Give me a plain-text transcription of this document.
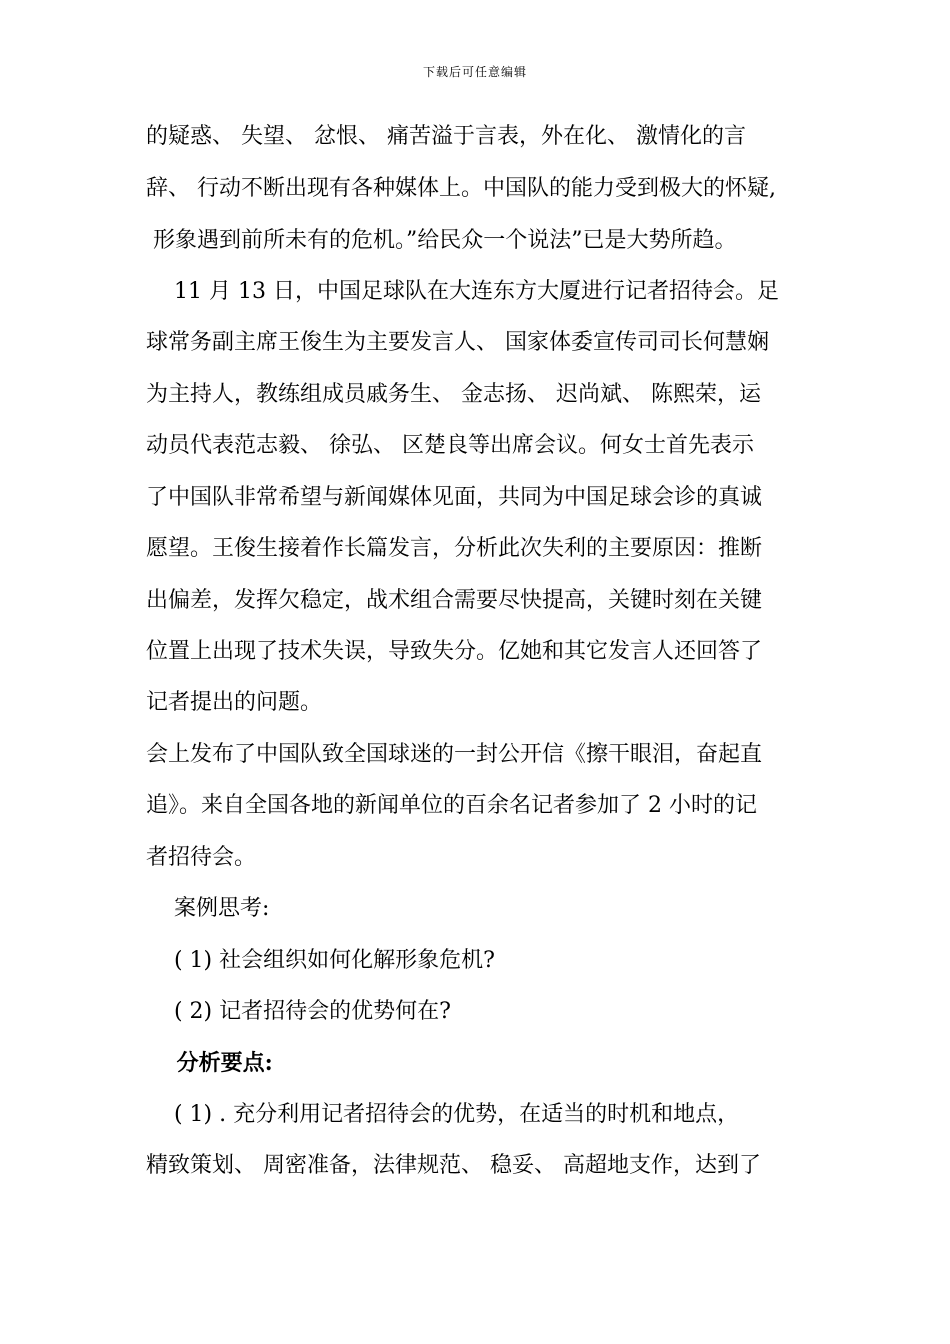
下载后可任意编辑
的疑惑、 失望、 忿恨、 痛苦溢于言表，外在化、 激情化的言
辞、 行动不断出现有各种媒体上。中国队的能力受到极大的怀疑,
形象遇到前所未有的危机。”给民众一个说法”已是大势所趋。
11 月 13 日，中国足球队在大连东方大厦进行记者招待会。足
球常务副主席王俊生为主要发言人、 国家体委宣传司司长何慧娴
为主持人，教练组成员戚务生、 金志扬、 迟尚斌、 陈熙荣，运
动员代表范志毅、 徐弘、 区楚良等出席会议。何女士首先表示
了中国队非常希望与新闻媒体见面，共同为中国足球会诊的真诚
愿望。王俊生接着作长篇发言，分析此次失利的主要原因：推断
出偏差，发挥欠稳定，战术组合需要尽快提高，关键时刻在关键
位置上出现了技术失误，导致失分。亿她和其它发言人还回答了
记者提出的问题。
会上发布了中国队致全国球迷的一封公开信《擦干眼泪，奋起直
追》。来自全国各地的新闻单位的百余名记者参加了 2 小时的记
者招待会。
案例思考:
( 1) 社会组织如何化解形象危机?
( 2) 记者招待会的优势何在?
分析要点:
( 1) . 充分利用记者招待会的优势，在适当的时机和地点，
精致策划、 周密准备，法律规范、 稳妥、 高超地支作，达到了
